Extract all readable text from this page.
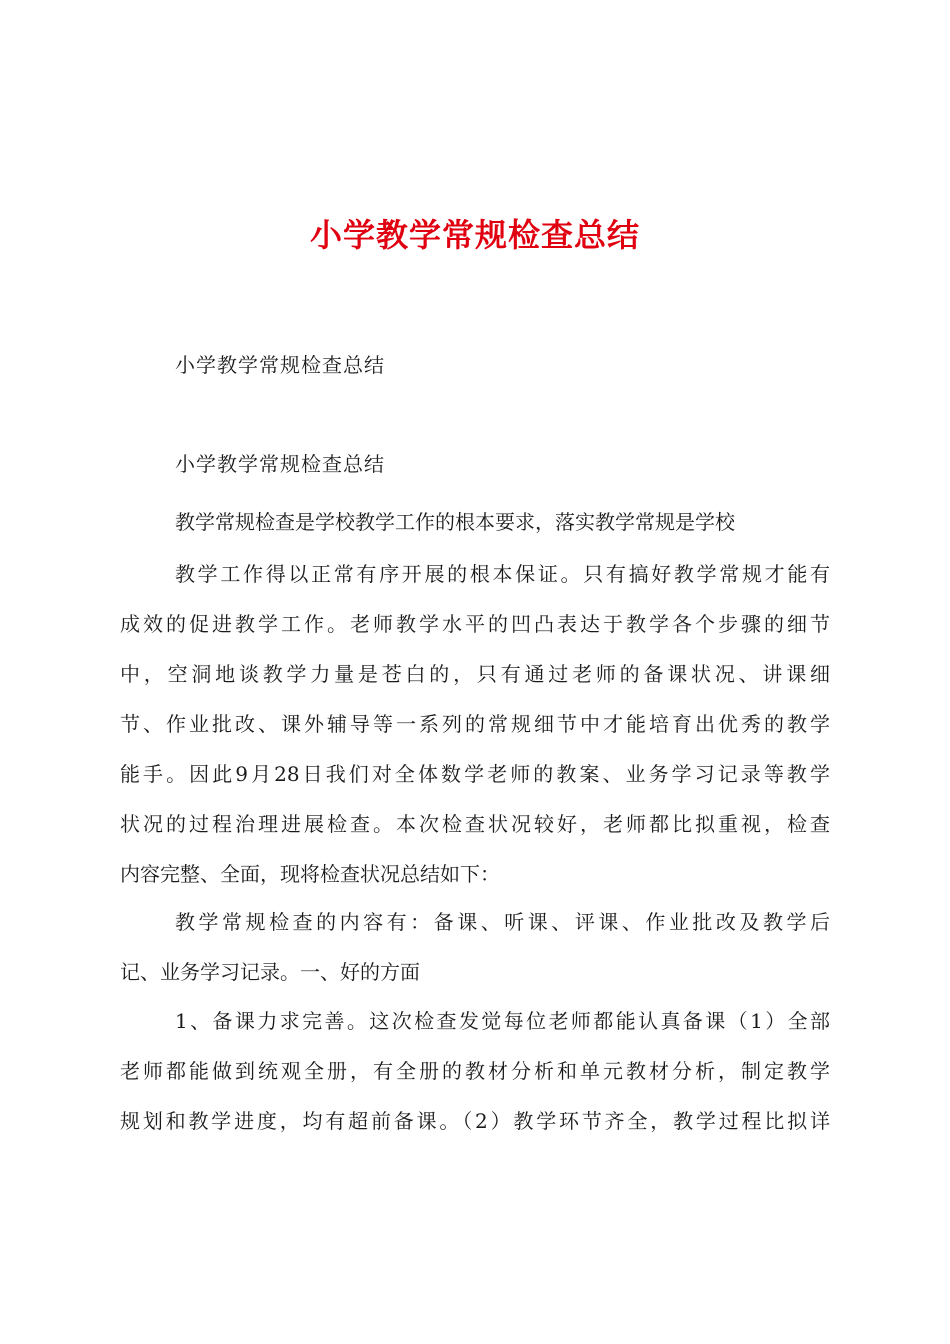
小学教学常规检查总结

小学教学常规检查总结

小学教学常规检查总结

教学常规检查是学校教学工作的根本要求，落实教学常规是学校
教学工作得以正常有序开展的根本保证。只有搞好教学常规才能有
成效的促进教学工作。老师教学水平的凹凸表达于教学各个步骤的细节
中，空洞地谈教学力量是苍白的，只有通过老师的备课状况、讲课细
节、作业批改、课外辅导等一系列的常规细节中才能培育出优秀的教学
能手。因此9月28日我们对全体数学老师的教案、业务学习记录等教学
状况的过程治理进展检查。本次检查状况较好，老师都比拟重视，检查
内容完整、全面，现将检查状况总结如下：
教学常规检查的内容有：备课、听课、评课、作业批改及教学后
记、业务学习记录。一、好的方面
1、备课力求完善。这次检查发觉每位老师都能认真备课（1）全部
老师都能做到统观全册，有全册的教材分析和单元教材分析，制定教学
规划和教学进度，均有超前备课。（2）教学环节齐全，教学过程比拟详
